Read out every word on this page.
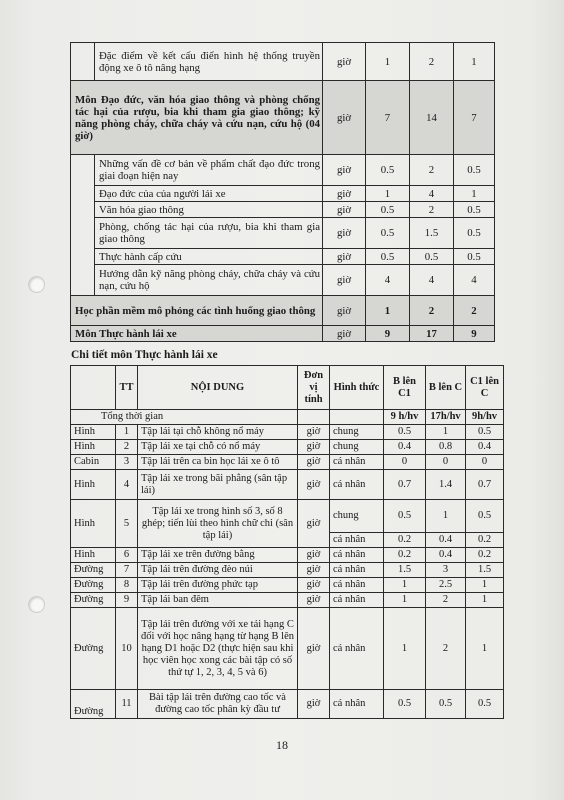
	Đặc điểm về kết cấu điển hình hệ thống truyền động xe ô tô nâng hạng	giờ	1	2	1
Môn Đạo đức, văn hóa giao thông và phòng chống tác hại của rượu, bia khi tham gia giao thông; kỹ năng phòng cháy, chữa cháy và cứu nạn, cứu hộ (04 giờ)		giờ	7	14	7
	Những vấn đề cơ bản về phẩm chất đạo đức trong giai đoạn hiện nay	giờ	0.5	2	0.5
	Đạo đức của của người lái xe	giờ	1	4	1
	Văn hóa giao thông	giờ	0.5	2	0.5
	Phòng, chống tác hại của rượu, bia khi tham gia giao thông	giờ	0.5	1.5	0.5
	Thực hành cấp cứu	giờ	0.5	0.5	0.5
	Hướng dẫn kỹ năng phòng cháy, chữa cháy và cứu nạn, cứu hộ	giờ	4	4	4
Học phần mềm mô phỏng các tình huống giao thông		giờ	1	2	2
Môn Thực hành lái xe		giờ	9	17	9
Chi tiết môn Thực hành lái xe
	TT	NỘI DUNG	Đơn vị tính	Hình thức	B lên C1	B lên C	C1 lên C
Tổng thời gian					9 h/hv	17h/hv	9h/hv
Hình	1	Tập lái tại chỗ không nổ máy	giờ	chung	0.5	1	0.5
Hình	2	Tập lái xe tại chỗ có nổ máy	giờ	chung	0.4	0.8	0.4
Cabin	3	Tập lái trên ca bin học lái xe ô tô	giờ	cá nhân	0	0	0
Hình	4	Tập lái xe trong bãi phẳng (sân tập lái)	giờ	cá nhân	0.7	1.4	0.7
Hình	5	Tập lái xe trong hình số 3, số 8 ghép; tiến lùi theo hình chữ chi (sân tập lái)	giờ	chung	0.5	1	0.5
				cá nhân	0.2	0.4	0.2
Hình	6	Tập lái xe trên đường bằng	giờ	cá nhân	0.2	0.4	0.2
Đường	7	Tập lái trên đường đèo núi	giờ	cá nhân	1.5	3	1.5
Đường	8	Tập lái trên đường phức tạp	giờ	cá nhân	1	2.5	1
Đường	9	Tập lái ban đêm	giờ	cá nhân	1	2	1
Đường	10	Tập lái trên đường với xe tải hạng C đối với học nâng hạng từ hạng B lên hạng D1 hoặc D2 (thực hiện sau khi học viên học xong các bài tập có số thứ tự 1, 2, 3, 4, 5 và 6)	giờ	cá nhân	1	2	1
Đường	11	Bài tập lái trên đường cao tốc và đường cao tốc phân kỳ đầu tư	giờ	cá nhân	0.5	0.5	0.5
18
